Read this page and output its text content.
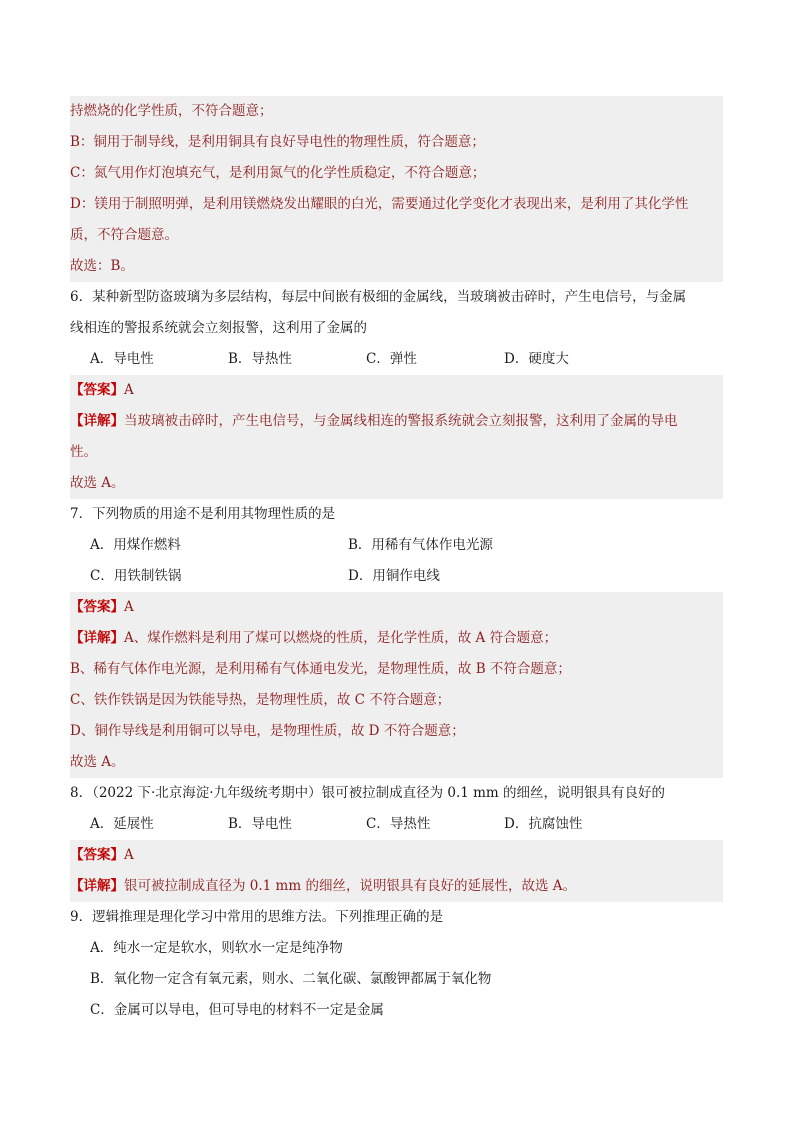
持燃烧的化学性质，不符合题意；
B：铜用于制导线，是利用铜具有良好导电性的物理性质，符合题意；
C：氮气用作灯泡填充气，是利用氮气的化学性质稳定，不符合题意；
D：镁用于制照明弹，是利用镁燃烧发出耀眼的白光，需要通过化学变化才表现出来，是利用了其化学性
质，不符合题意。
故选：B。
6．某种新型防盗玻璃为多层结构，每层中间嵌有极细的金属线，当玻璃被击碎时，产生电信号，与金属
线相连的警报系统就会立刻报警，这利用了金属的
A．导电性	B．导热性	C．弹性	D．硬度大
【答案】A
【详解】当玻璃被击碎时，产生电信号，与金属线相连的警报系统就会立刻报警，这利用了金属的导电
性。
故选 A。
7．下列物质的用途不是利用其物理性质的是
A．用煤作燃料	B．用稀有气体作电光源
C．用铁制铁锅	D．用铜作电线
【答案】A
【详解】A、煤作燃料是利用了煤可以燃烧的性质，是化学性质，故 A 符合题意；
B、稀有气体作电光源，是利用稀有气体通电发光，是物理性质，故 B 不符合题意；
C、铁作铁锅是因为铁能导热，是物理性质，故 C 不符合题意；
D、铜作导线是利用铜可以导电，是物理性质，故 D 不符合题意；
故选 A。
8．（2022 下·北京海淀·九年级统考期中）银可被拉制成直径为 0.1 mm 的细丝，说明银具有良好的
A．延展性	B．导电性	C．导热性	D．抗腐蚀性
【答案】A
【详解】银可被拉制成直径为 0.1 mm 的细丝，说明银具有良好的延展性，故选 A。
9．逻辑推理是理化学习中常用的思维方法。下列推理正确的是
A．纯水一定是软水，则软水一定是纯净物
B．氧化物一定含有氧元素，则水、二氧化碳、氯酸钾都属于氧化物
C．金属可以导电，但可导电的材料不一定是金属
